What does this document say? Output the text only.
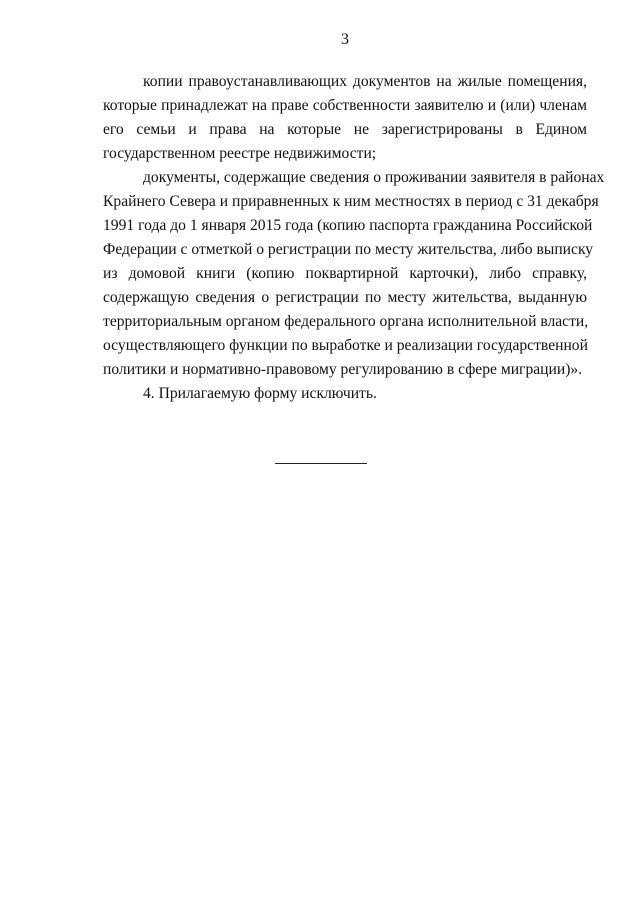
3
копии правоустанавливающих документов на жилые помещения,
которые принадлежат на праве собственности заявителю и (или) членам
его семьи и права на которые не зарегистрированы в Едином
государственном реестре недвижимости;
документы, содержащие сведения о проживании заявителя в районах
Крайнего Севера и приравненных к ним местностях в период с 31 декабря
1991 года до 1 января 2015 года (копию паспорта гражданина Российской
Федерации с отметкой о регистрации по месту жительства, либо выписку
из домовой книги (копию поквартирной карточки), либо справку,
содержащую сведения о регистрации по месту жительства, выданную
территориальным органом федерального органа исполнительной власти,
осуществляющего функции по выработке и реализации государственной
политики и нормативно-правовому регулированию в сфере миграции)».
4. Прилагаемую форму исключить.
